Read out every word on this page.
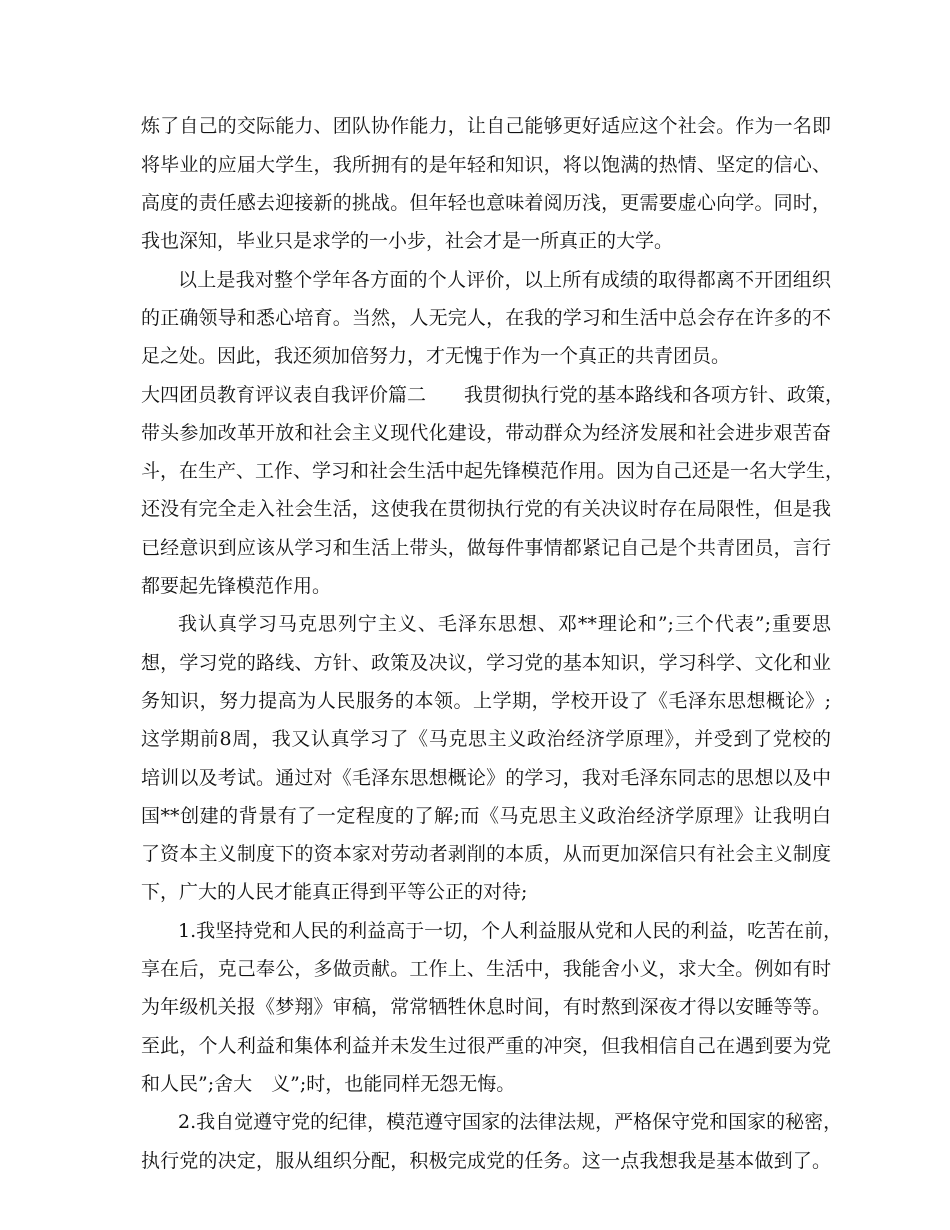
炼了自己的交际能力、团队协作能力，让自己能够更好适应这个社会。作为一名即
将毕业的应届大学生，我所拥有的是年轻和知识，将以饱满的热情、坚定的信心、
高度的责任感去迎接新的挑战。但年轻也意味着阅历浅，更需要虚心向学。同时，
我也深知，毕业只是求学的一小步，社会才是一所真正的大学。
以上是我对整个学年各方面的个人评价，以上所有成绩的取得都离不开团组织
的正确领导和悉心培育。当然，人无完人，在我的学习和生活中总会存在许多的不
足之处。因此，我还须加倍努力，才无愧于作为一个真正的共青团员。
大四团员教育评议表自我评价篇二　　我贯彻执行党的基本路线和各项方针、政策，
带头参加改革开放和社会主义现代化建设，带动群众为经济发展和社会进步艰苦奋
斗，在生产、工作、学习和社会生活中起先锋模范作用。因为自己还是一名大学生，
还没有完全走入社会生活，这使我在贯彻执行党的有关决议时存在局限性，但是我
已经意识到应该从学习和生活上带头，做每件事情都紧记自己是个共青团员，言行
都要起先锋模范作用。
我认真学习马克思列宁主义、毛泽东思想、邓**理论和”;三个代表”;重要思
想，学习党的路线、方针、政策及决议，学习党的基本知识，学习科学、文化和业
务知识，努力提高为人民服务的本领。上学期，学校开设了《毛泽东思想概论》;
这学期前8周，我又认真学习了《马克思主义政治经济学原理》，并受到了党校的
培训以及考试。通过对《毛泽东思想概论》的学习，我对毛泽东同志的思想以及中
国**创建的背景有了一定程度的了解;而《马克思主义政治经济学原理》让我明白
了资本主义制度下的资本家对劳动者剥削的本质，从而更加深信只有社会主义制度
下，广大的人民才能真正得到平等公正的对待;
1.我坚持党和人民的利益高于一切，个人利益服从党和人民的利益，吃苦在前，
享在后，克己奉公，多做贡献。工作上、生活中，我能舍小义，求大全。例如有时
为年级机关报《梦翔》审稿，常常牺牲休息时间，有时熬到深夜才得以安睡等等。
至此，个人利益和集体利益并未发生过很严重的冲突，但我相信自己在遇到要为党
和人民”;舍大　义”;时，也能同样无怨无悔。
2.我自觉遵守党的纪律，模范遵守国家的法律法规，严格保守党和国家的秘密，
执行党的决定，服从组织分配，积极完成党的任务。这一点我想我是基本做到了。
